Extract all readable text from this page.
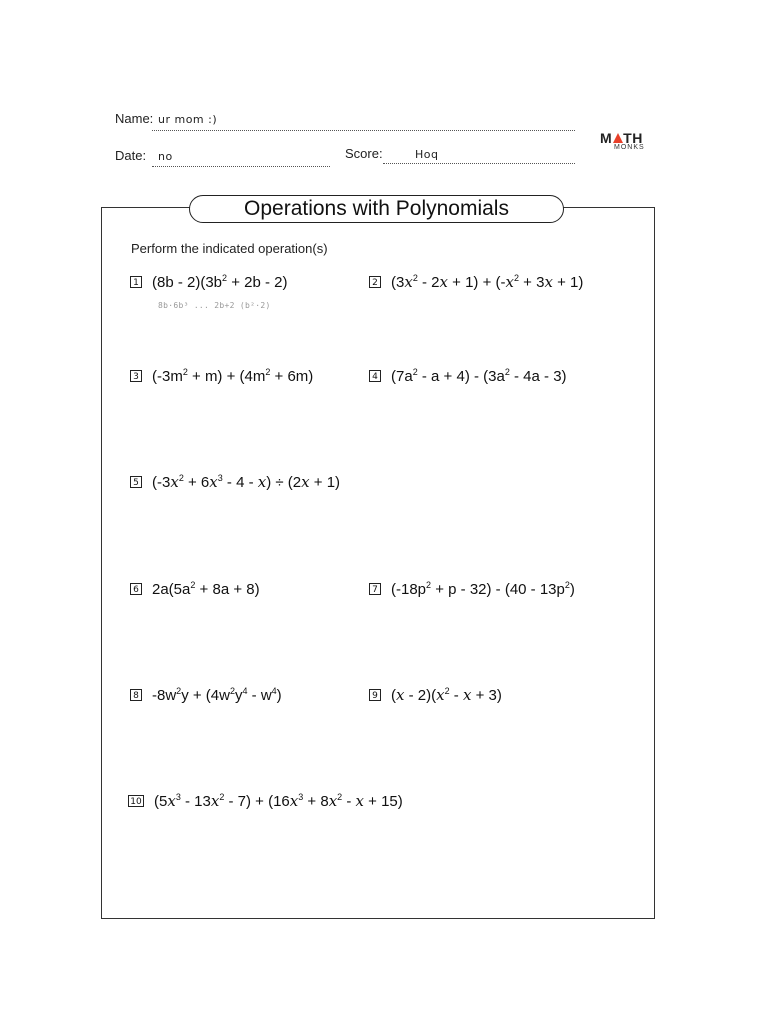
Name: ur mom :)
Date: no	Score:	Hoq
M TH
MONKS
Operations with Polynomials
Perform the indicated operation(s)
1 $(8b - 2)(3b^2 + 2b - 2)$
8b·6b³ ... 2b+2 (b²·2)
2 $(3x^2 - 2x + 1) + (-x^2 + 3x + 1)$
3 $(-3m^2 + m) + (4m^2 + 6m)$	4 $(7a^2 - a + 4) - (3a^2 - 4a - 3)$
5 $(-3x^2 + 6x^3 - 4 - x) \div (2x + 1)$
6 $2a(5a^2 + 8a + 8)$	7 $(-18p^2 + p - 32) - (40 - 13p^2)$
8 $-8w^2y + (4w^2y^4 - w^4)$	9 $(x - 2)(x^2 - x + 3)$
10 $(5x^3 - 13x^2 - 7) + (16x^3 + 8x^2 - x + 15)$
